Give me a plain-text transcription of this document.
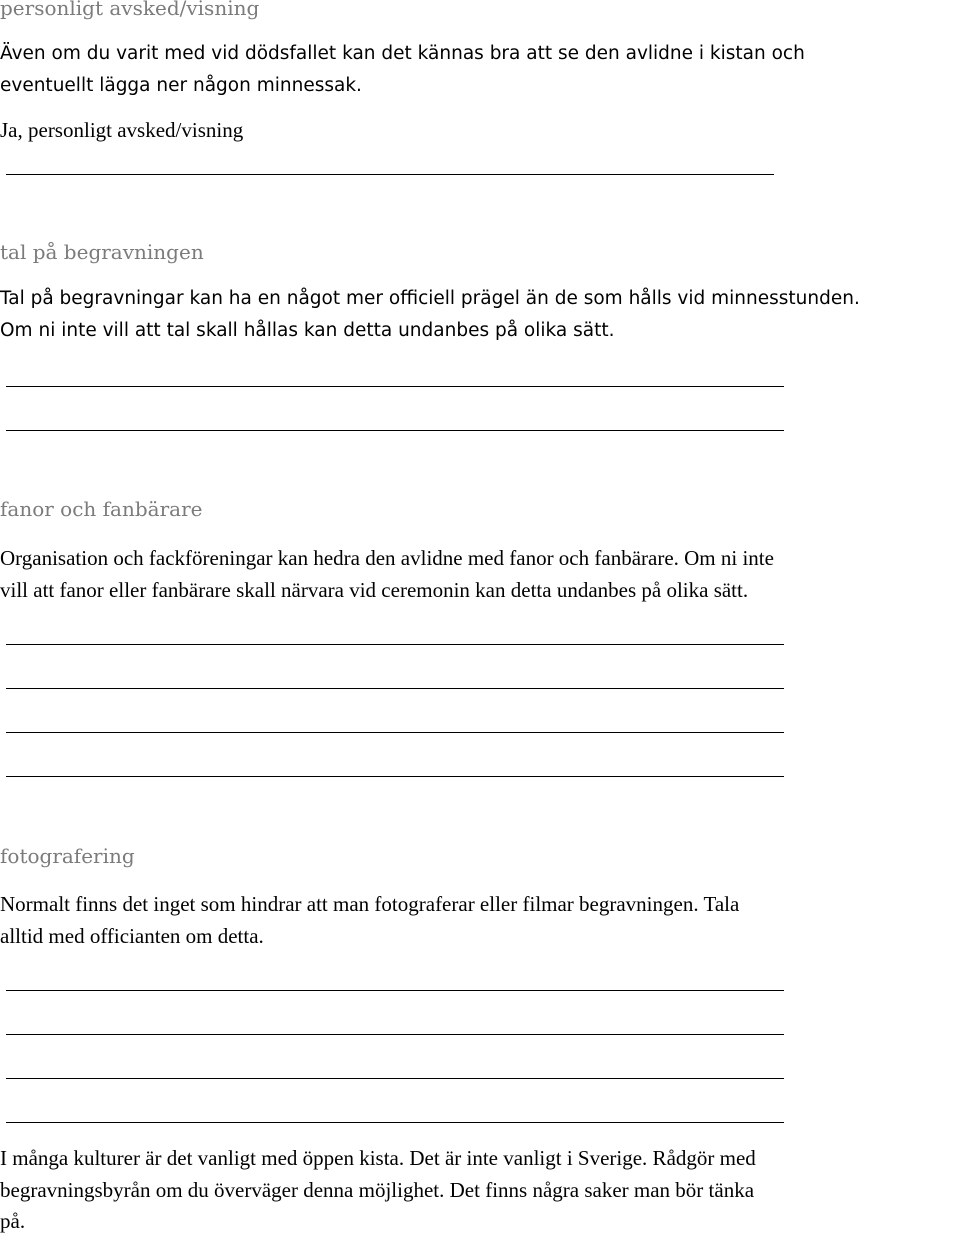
personligt avsked/visning
Även om du varit med vid dödsfallet kan det kännas bra att se den avlidne i kistan och
eventuellt lägga ner någon minnessak.
Ja, personligt avsked/visning
tal på begravningen
Tal på begravningar kan ha en något mer officiell prägel än de som hålls vid minnesstunden.
Om ni inte vill att tal skall hållas kan detta undanbes på olika sätt.
fanor och fanbärare
Organisation och fackföreningar kan hedra den avlidne med fanor och fanbärare. Om ni inte
vill att fanor eller fanbärare skall närvara vid ceremonin kan detta undanbes på olika sätt.
fotografering
Normalt finns det inget som hindrar att man fotograferar eller filmar begravningen. Tala
alltid med officianten om detta.
I många kulturer är det vanligt med öppen kista. Det är inte vanligt i Sverige. Rådgör med
begravningsbyrån om du överväger denna möjlighet. Det finns några saker man bör tänka
på.
